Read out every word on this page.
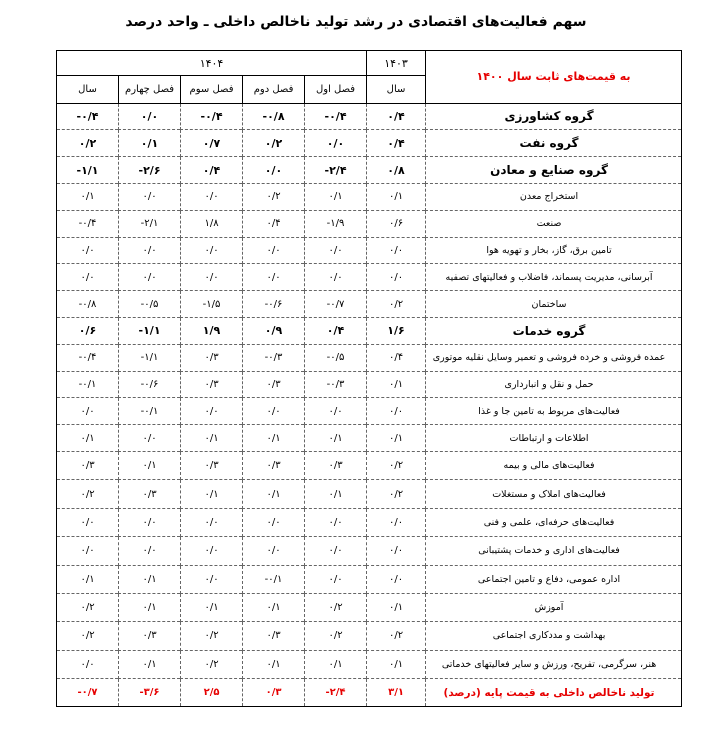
سهم فعالیت‌های اقتصادی در رشد تولید ناخالص داخلی ـ واحد درصد
به قیمت‌های ثابت سال ۱۴۰۰	۱۴۰۳	۱۴۰۴				
	سال	فصل اول	فصل دوم	فصل سوم	فصل چهارم	سال
گروه کشاورزی	۰/۴	-۰/۴	-۰/۸	-۰/۴	۰/۰	-۰/۴
گروه نفت	۰/۴	۰/۰	۰/۲	۰/۷	۰/۱	۰/۲
گروه صنایع و معادن	۰/۸	-۲/۴	۰/۰	۰/۴	-۲/۶	-۱/۱
استخراج معدن	۰/۱	۰/۱	۰/۲	۰/۰	۰/۰	۰/۱
صنعت	۰/۶	-۱/۹	۰/۴	۱/۸	-۲/۱	-۰/۴
تامین برق، گاز، بخار و تهویه هوا	۰/۰	۰/۰	۰/۰	۰/۰	۰/۰	۰/۰
آبرسانی، مدیریت پسماند، فاضلاب و فعالیتهای تصفیه	۰/۰	۰/۰	۰/۰	۰/۰	۰/۰	۰/۰
ساختمان	۰/۲	-۰/۷	-۰/۶	-۱/۵	-۰/۵	-۰/۸
گروه خدمات	۱/۶	۰/۴	۰/۹	۱/۹	-۱/۱	۰/۶
عمده فروشی و خرده فروشی و تعمیر وسایل نقلیه موتوری	۰/۴	-۰/۵	-۰/۳	۰/۳	-۱/۱	-۰/۴
حمل و نقل و انبارداری	۰/۱	-۰/۳	۰/۳	۰/۳	-۰/۶	-۰/۱
فعالیت‌های مربوط به تامین جا و غذا	۰/۰	۰/۰	۰/۰	۰/۰	-۰/۱	۰/۰
اطلاعات و ارتباطات	۰/۱	۰/۱	۰/۱	۰/۱	۰/۰	۰/۱
فعالیت‌های مالی و بیمه	۰/۲	۰/۳	۰/۳	۰/۳	۰/۱	۰/۳
فعالیت‌های املاک و مستغلات	۰/۲	۰/۱	۰/۱	۰/۱	۰/۳	۰/۲
فعالیت‌های حرفه‌ای، علمی و فنی	۰/۰	۰/۰	۰/۰	۰/۰	۰/۰	۰/۰
فعالیت‌های اداری و خدمات پشتیبانی	۰/۰	۰/۰	۰/۰	۰/۰	۰/۰	۰/۰
اداره عمومی، دفاع و تامین اجتماعی	۰/۰	۰/۰	-۰/۱	۰/۰	۰/۱	۰/۱
آموزش	۰/۱	۰/۲	۰/۱	۰/۱	۰/۱	۰/۲
بهداشت و مددکاری اجتماعی	۰/۲	۰/۲	۰/۳	۰/۲	۰/۳	۰/۲
هنر، سرگرمی، تفریح، ورزش و سایر فعالیتهای خدماتی	۰/۱	۰/۱	۰/۱	۰/۲	۰/۱	۰/۰
تولید ناخالص داخلی به قیمت پایه (درصد)	۳/۱	-۲/۴	۰/۳	۲/۵	-۳/۶	-۰/۷
